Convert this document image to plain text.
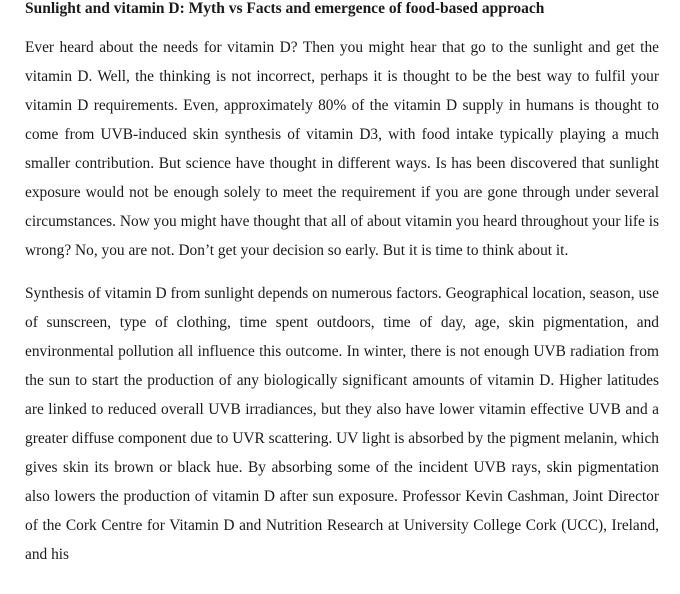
Sunlight and vitamin D: Myth vs Facts and emergence of food-based approach

Ever heard about the needs for vitamin D? Then you might hear that go to the sunlight and get the vitamin D. Well, the thinking is not incorrect, perhaps it is thought to be the best way to fulfil your vitamin D requirements. Even, approximately 80% of the vitamin D supply in humans is thought to come from UVB-induced skin synthesis of vitamin D3, with food intake typically playing a much smaller contribution. But science have thought in different ways. Is has been discovered that sunlight exposure would not be enough solely to meet the requirement if you are gone through under several circumstances. Now you might have thought that all of about vitamin you heard throughout your life is wrong? No, you are not. Don’t get your decision so early. But it is time to think about it.

Synthesis of vitamin D from sunlight depends on numerous factors. Geographical location, season, use of sunscreen, type of clothing, time spent outdoors, time of day, age, skin pigmentation, and environmental pollution all influence this outcome. In winter, there is not enough UVB radiation from the sun to start the production of any biologically significant amounts of vitamin D. Higher latitudes are linked to reduced overall UVB irradiances, but they also have lower vitamin effective UVB and a greater diffuse component due to UVR scattering. UV light is absorbed by the pigment melanin, which gives skin its brown or black hue. By absorbing some of the incident UVB rays, skin pigmentation also lowers the production of vitamin D after sun exposure. Professor Kevin Cashman, Joint Director of the Cork Centre for Vitamin D and Nutrition Research at University College Cork (UCC), Ireland, and his
